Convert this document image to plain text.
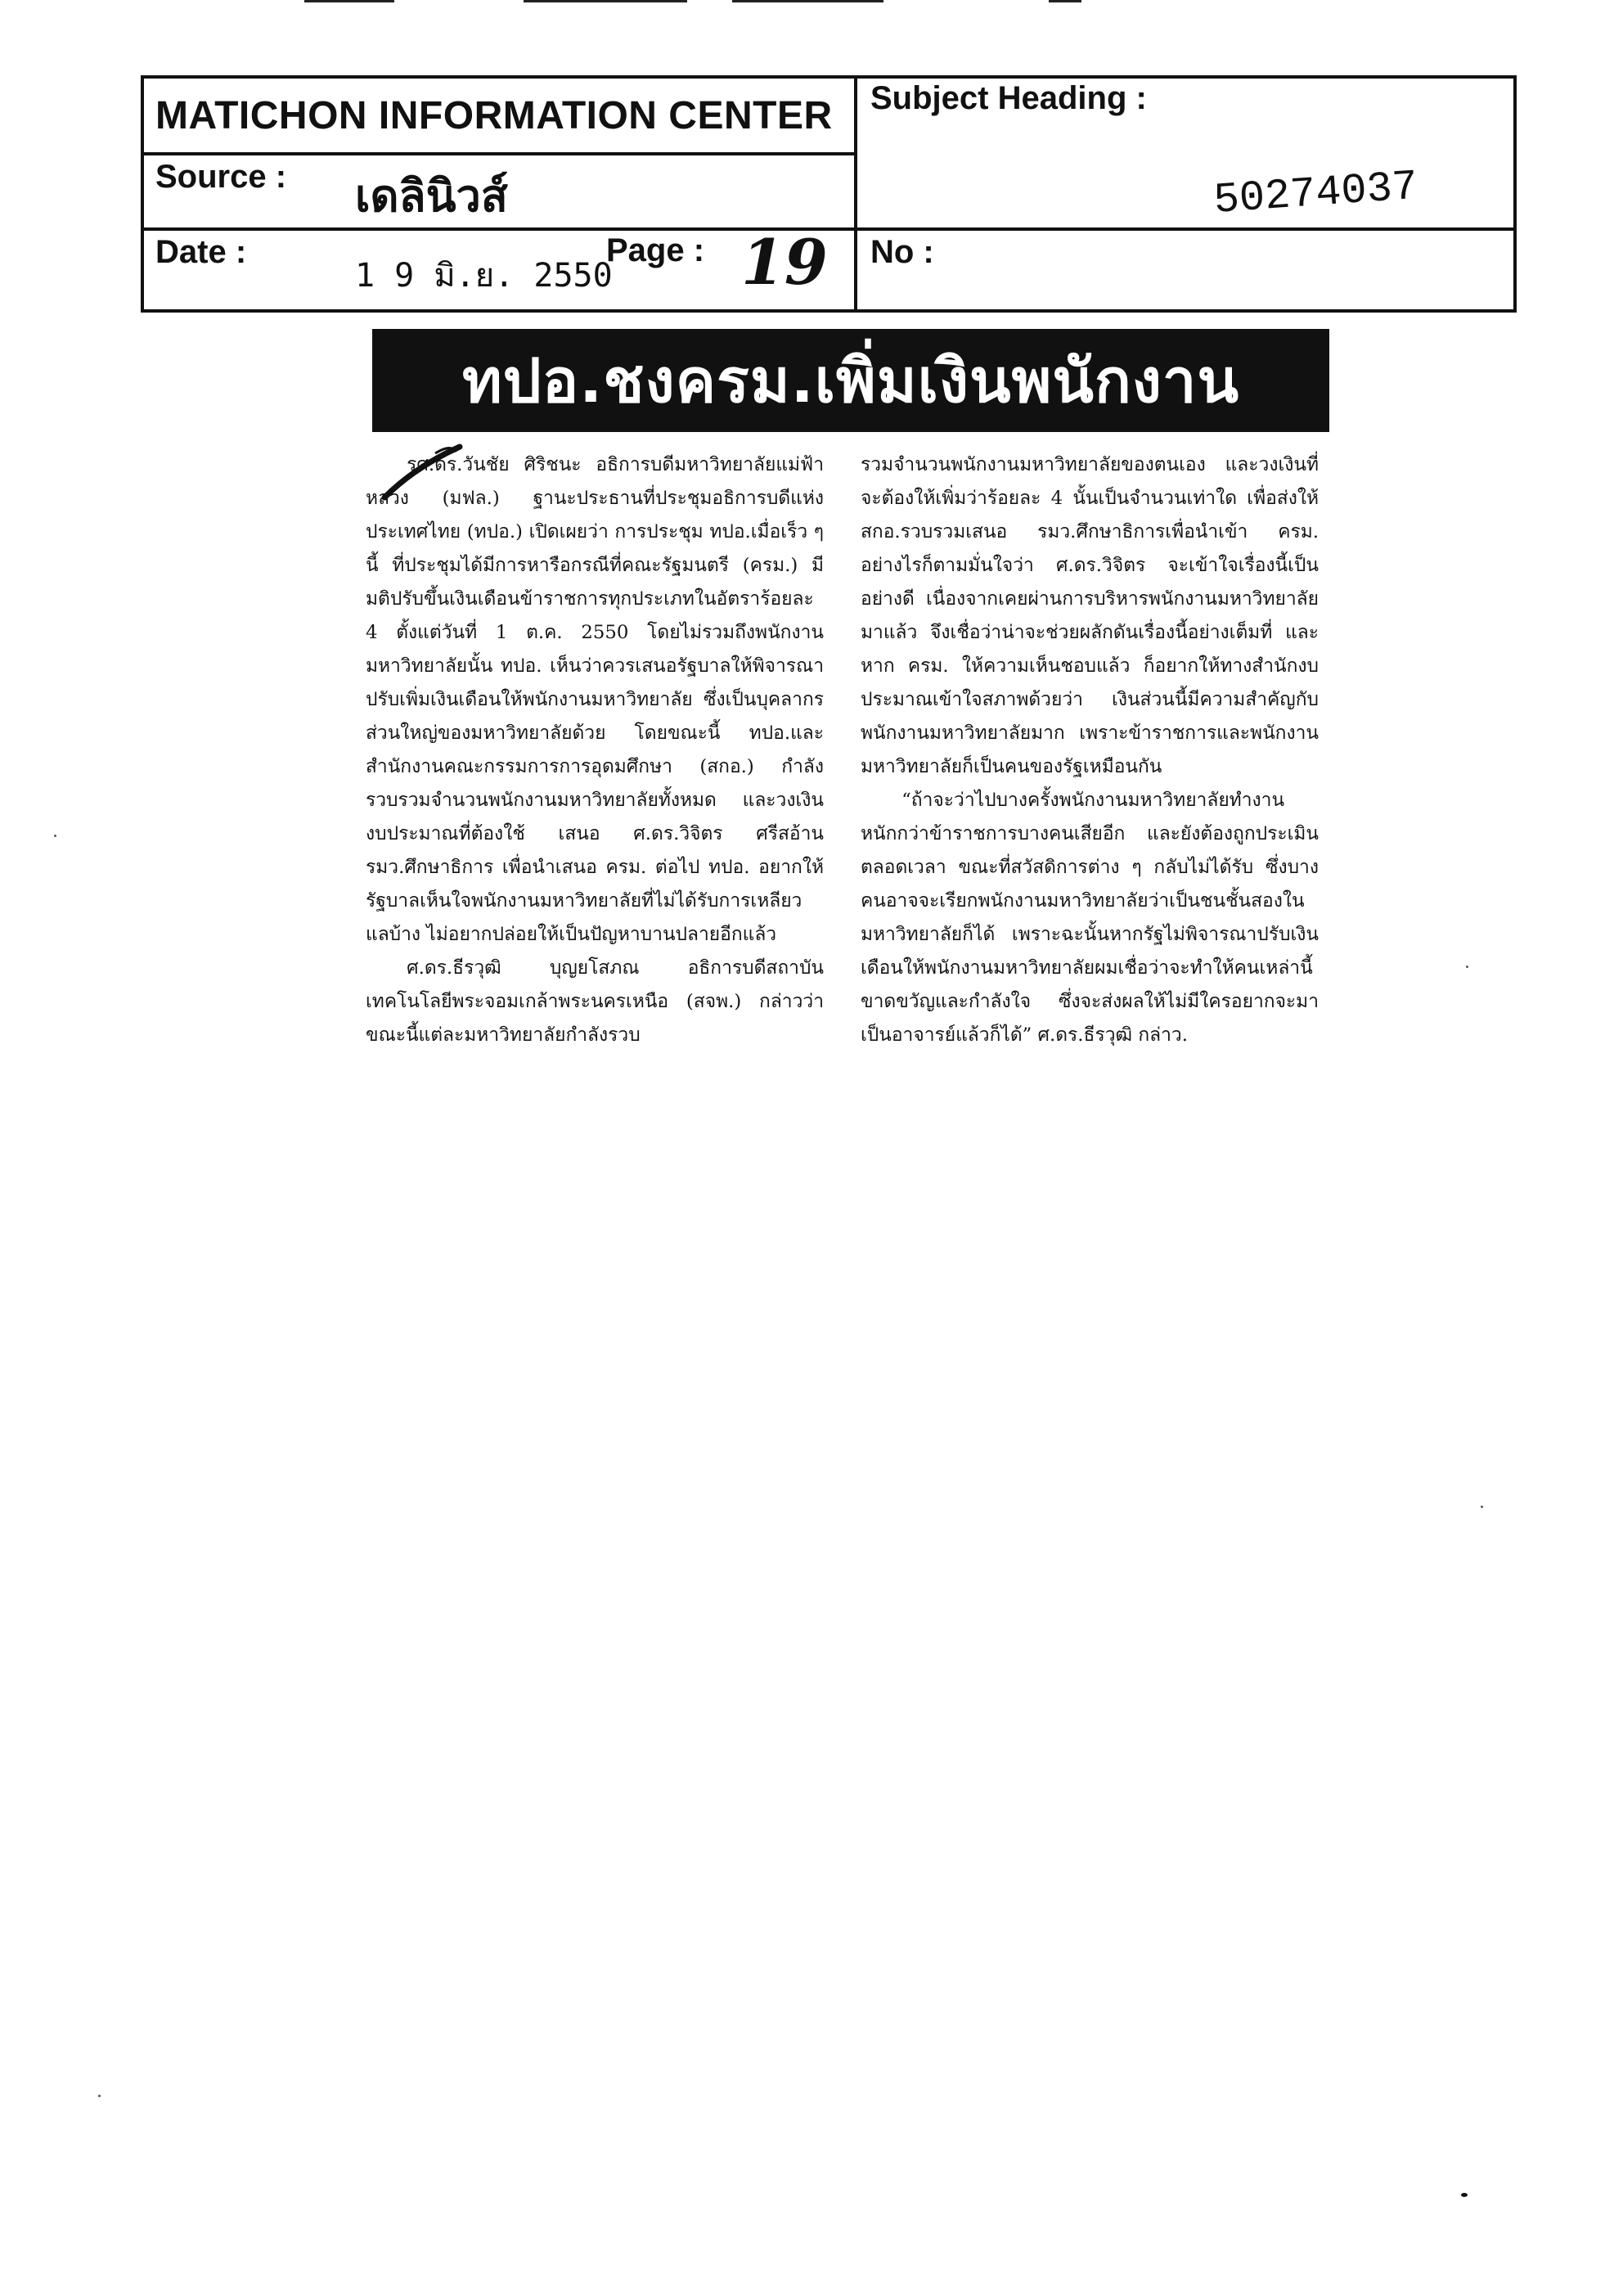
MATICHON INFORMATION CENTER Subject Heading :
Source : เดลินิวส์	50274037
Date :
1 9 มิ.ย. 2550
Page : 19 No :
ทปอ.ชงครม.เพิ่มเงินพนักงาน

รศ.ดร.วันชัย ศิริชนะ อธิการบดีมหาวิทยาลัยแม่ฟ้าหลวง (มฟล.) ฐานะประธานที่ประชุมอธิการบดีแห่งประเทศไทย (ทปอ.) เปิดเผยว่า การประชุม ทปอ.เมื่อเร็ว ๆ นี้ ที่ประชุมได้มีการหารือกรณีที่คณะรัฐมนตรี (ครม.) มีมติปรับขึ้นเงินเดือนข้าราชการทุกประเภทในอัตราร้อยละ 4 ตั้งแต่วันที่ 1 ต.ค. 2550 โดยไม่รวมถึงพนักงานมหาวิทยาลัยนั้น ทปอ. เห็นว่าควรเสนอรัฐบาลให้พิจารณาปรับเพิ่มเงินเดือนให้พนักงานมหาวิทยาลัย ซึ่งเป็นบุคลากรส่วนใหญ่ของมหาวิทยาลัยด้วย โดยขณะนี้ ทปอ.และสำนักงานคณะกรรมการการอุดมศึกษา (สกอ.) กำลังรวบรวมจำนวนพนักงานมหาวิทยาลัยทั้งหมด และวงเงินงบประมาณที่ต้องใช้ เสนอ ศ.ดร.วิจิตร ศรีสอ้าน รมว.ศึกษาธิการ เพื่อนำเสนอ ครม. ต่อไป ทปอ. อยากให้รัฐบาลเห็นใจพนักงานมหาวิทยาลัยที่ไม่ได้รับการเหลียวแลบ้าง ไม่อยากปล่อยให้เป็นปัญหาบานปลายอีกแล้ว

ศ.ดร.ธีรวุฒิ บุญยโสภณ อธิการบดีสถาบันเทคโนโลยีพระจอมเกล้าพระนครเหนือ (สจพ.) กล่าวว่า ขณะนี้แต่ละมหาวิทยาลัยกำลังรวบ

รวมจำนวนพนักงานมหาวิทยาลัยของตนเอง และวงเงินที่จะต้องให้เพิ่มว่าร้อยละ 4 นั้นเป็นจำนวนเท่าใด เพื่อส่งให้ สกอ.รวบรวมเสนอ รมว.ศึกษาธิการเพื่อนำเข้า ครม. อย่างไรก็ตามมั่นใจว่า ศ.ดร.วิจิตร จะเข้าใจเรื่องนี้เป็นอย่างดี เนื่องจากเคยผ่านการบริหารพนักงานมหาวิทยาลัยมาแล้ว จึงเชื่อว่าน่าจะช่วยผลักดันเรื่องนี้อย่างเต็มที่ และหาก ครม. ให้ความเห็นชอบแล้ว ก็อยากให้ทางสำนักงบประมาณเข้าใจสภาพด้วยว่า เงินส่วนนี้มีความสำคัญกับพนักงานมหาวิทยาลัยมาก เพราะข้าราชการและพนักงานมหาวิทยาลัยก็เป็นคนของรัฐเหมือนกัน

“ถ้าจะว่าไปบางครั้งพนักงานมหาวิทยาลัยทำงานหนักกว่าข้าราชการบางคนเสียอีก และยังต้องถูกประเมินตลอดเวลา ขณะที่สวัสดิการต่าง ๆ กลับไม่ได้รับ ซึ่งบางคนอาจจะเรียกพนักงานมหาวิทยาลัยว่าเป็นชนชั้นสองในมหาวิทยาลัยก็ได้ เพราะฉะนั้นหากรัฐไม่พิจารณาปรับเงินเดือนให้พนักงานมหาวิทยาลัยผมเชื่อว่าจะทำให้คนเหล่านี้ขาดขวัญและกำลังใจ ซึ่งจะส่งผลให้ไม่มีใครอยากจะมาเป็นอาจารย์แล้วก็ได้” ศ.ดร.ธีรวุฒิ กล่าว.
